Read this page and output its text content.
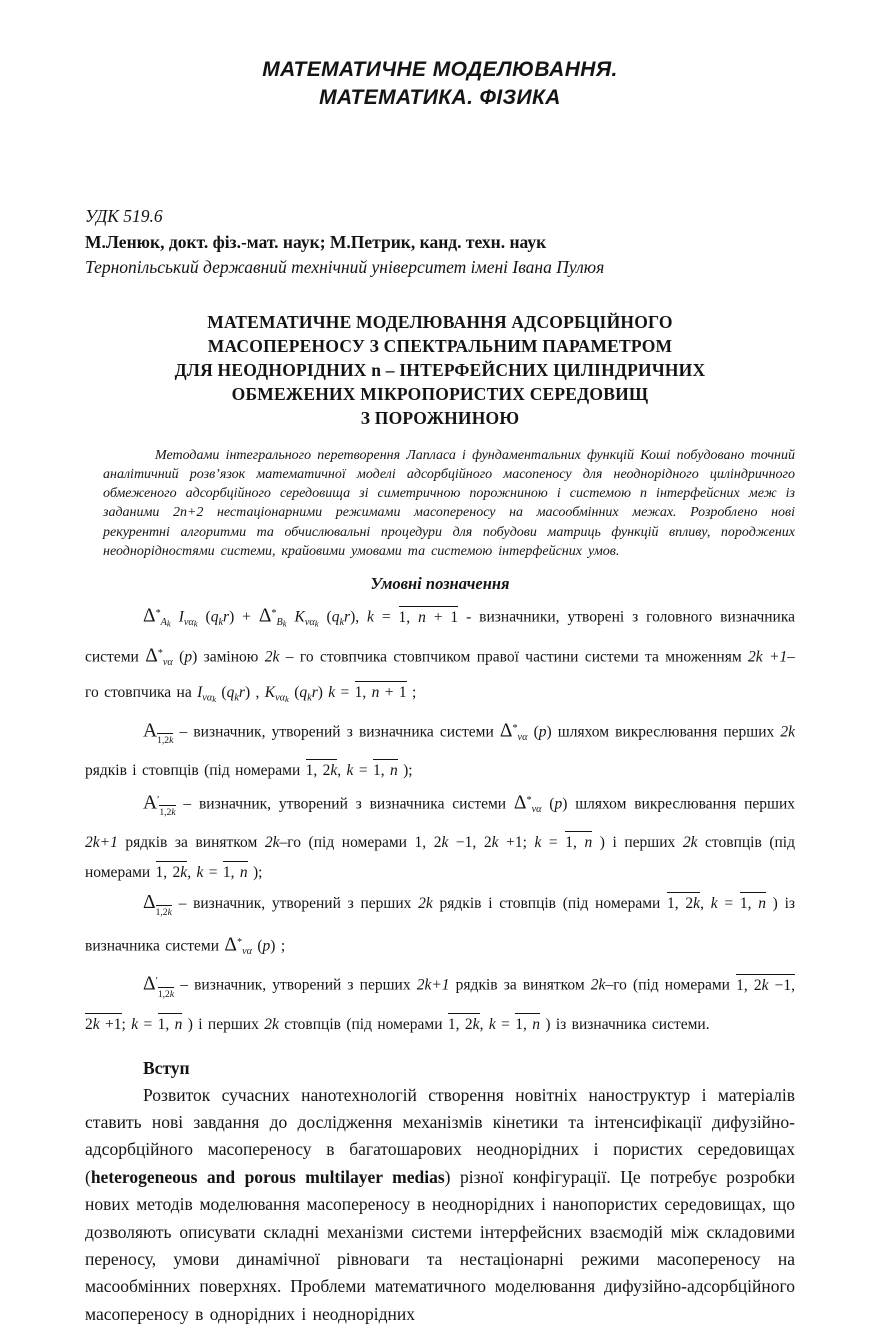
МАТЕМАТИЧНЕ МОДЕЛЮВАННЯ.
МАТЕМАТИКА. ФІЗИКА
УДК 519.6
М.Ленюк, докт. фіз.-мат. наук; М.Петрик, канд. техн. наук
Тернопільський державний технічний університет імені Івана Пулюя
МАТЕМАТИЧНЕ МОДЕЛЮВАННЯ АДСОРБЦІЙНОГО
МАСОПЕРЕНОСУ З СПЕКТРАЛЬНИМ ПАРАМЕТРОМ
ДЛЯ НЕОДНОРІДНИХ n – ІНТЕРФЕЙСНИХ ЦИЛІНДРИЧНИХ
ОБМЕЖЕНИХ МІКРОПОРИСТИХ СЕРЕДОВИЩ
З ПОРОЖНИНОЮ
Методами інтегрального перетворення Лапласа і фундаментальних функцій Коші побудовано точний аналітичний розв’язок математичної моделі адсорбційного масопеносу для неоднорідного циліндричного обмеженого адсорбційного середовища зі симетричною порожниною і системою n інтерфейсних меж із заданими 2n+2 нестаціонарними режимами масопереносу на масообмінних межах. Розроблено нові рекурентні алгоритми та обчислювальні процедури для побудови матриць функцій впливу, породжених неоднорідностями системи, крайовими умовами та системою інтерфейсних умов.
Умовні позначення

$\Delta^*_{Ak}$ $I_{\nu\alpha k}$ $(q_kr) + \Delta^*_{Bk}$ $K_{\nu\alpha k}$ $(q_kr)$, k = 1, n + 1 - визначники, утворені з головного визначника системи $\Delta^*_{\nu\alpha}$ (p) заміною 2k – го стовпчика стовпчиком правої частини системи та множенням 2k +1– го стовпчика на $I_{\nu\alpha k}$ $(q_kr)$ , $K_{\nu\alpha k}$ $(q_kr) k = 1$, n + 1 ;

$А_{1,2k}$ – визначник, утворений з визначника системи $\Delta^*_{\nu\alpha}$ (p) шляхом викреслювання перших 2k рядків і стовпців (під номерами 1, 2k, k = 1, n );

$А'_{1,2k}$ – визначник, утворений з визначника системи $\Delta^*_{\nu\alpha}$ (p) шляхом викреслювання перших 2k+1 рядків за винятком 2k–го (під номерами 1, 2k −1, 2k +1; k = 1, n ) і перших 2k стовпців (під номерами 1, 2k, k = 1, n );

$\Delta_{1,2k}$ – визначник, утворений з перших 2k рядків і стовпців (під номерами 1, 2k, k = 1, n ) із визначника системи $\Delta^*_{\nu\alpha}$ (p) ;

$\Delta'_{1,2k}$ – визначник, утворений з перших 2k+1 рядків за винятком 2k–го (під номерами 1, 2k −1, 2k +1; k = 1, n ) і перших 2k стовпців (під номерами 1, 2k, k = 1, n ) із визначника системи.

Вступ

Розвиток сучасних нанотехнологій створення новітніх наноструктур і матеріалів ставить нові завдання до дослідження механізмів кінетики та інтенсифікації дифузійно-адсорбційного масопереносу в багатошарових неоднорідних і пористих середовищах (heterogeneous and porous multilayer medias) різної конфігурації. Це потребує розробки нових методів моделювання масопереносу в неоднорідних і нанопористих середовищах, що дозволяють описувати складні механізми системи інтерфейсних взаємодій між складовими переносу, умови динамічної рівноваги та нестаціонарні режими масопереносу на масообмінних поверхнях. Проблеми математичного моделювання дифузійно-адсорбційного масопереносу в однорідних і неоднорідних
